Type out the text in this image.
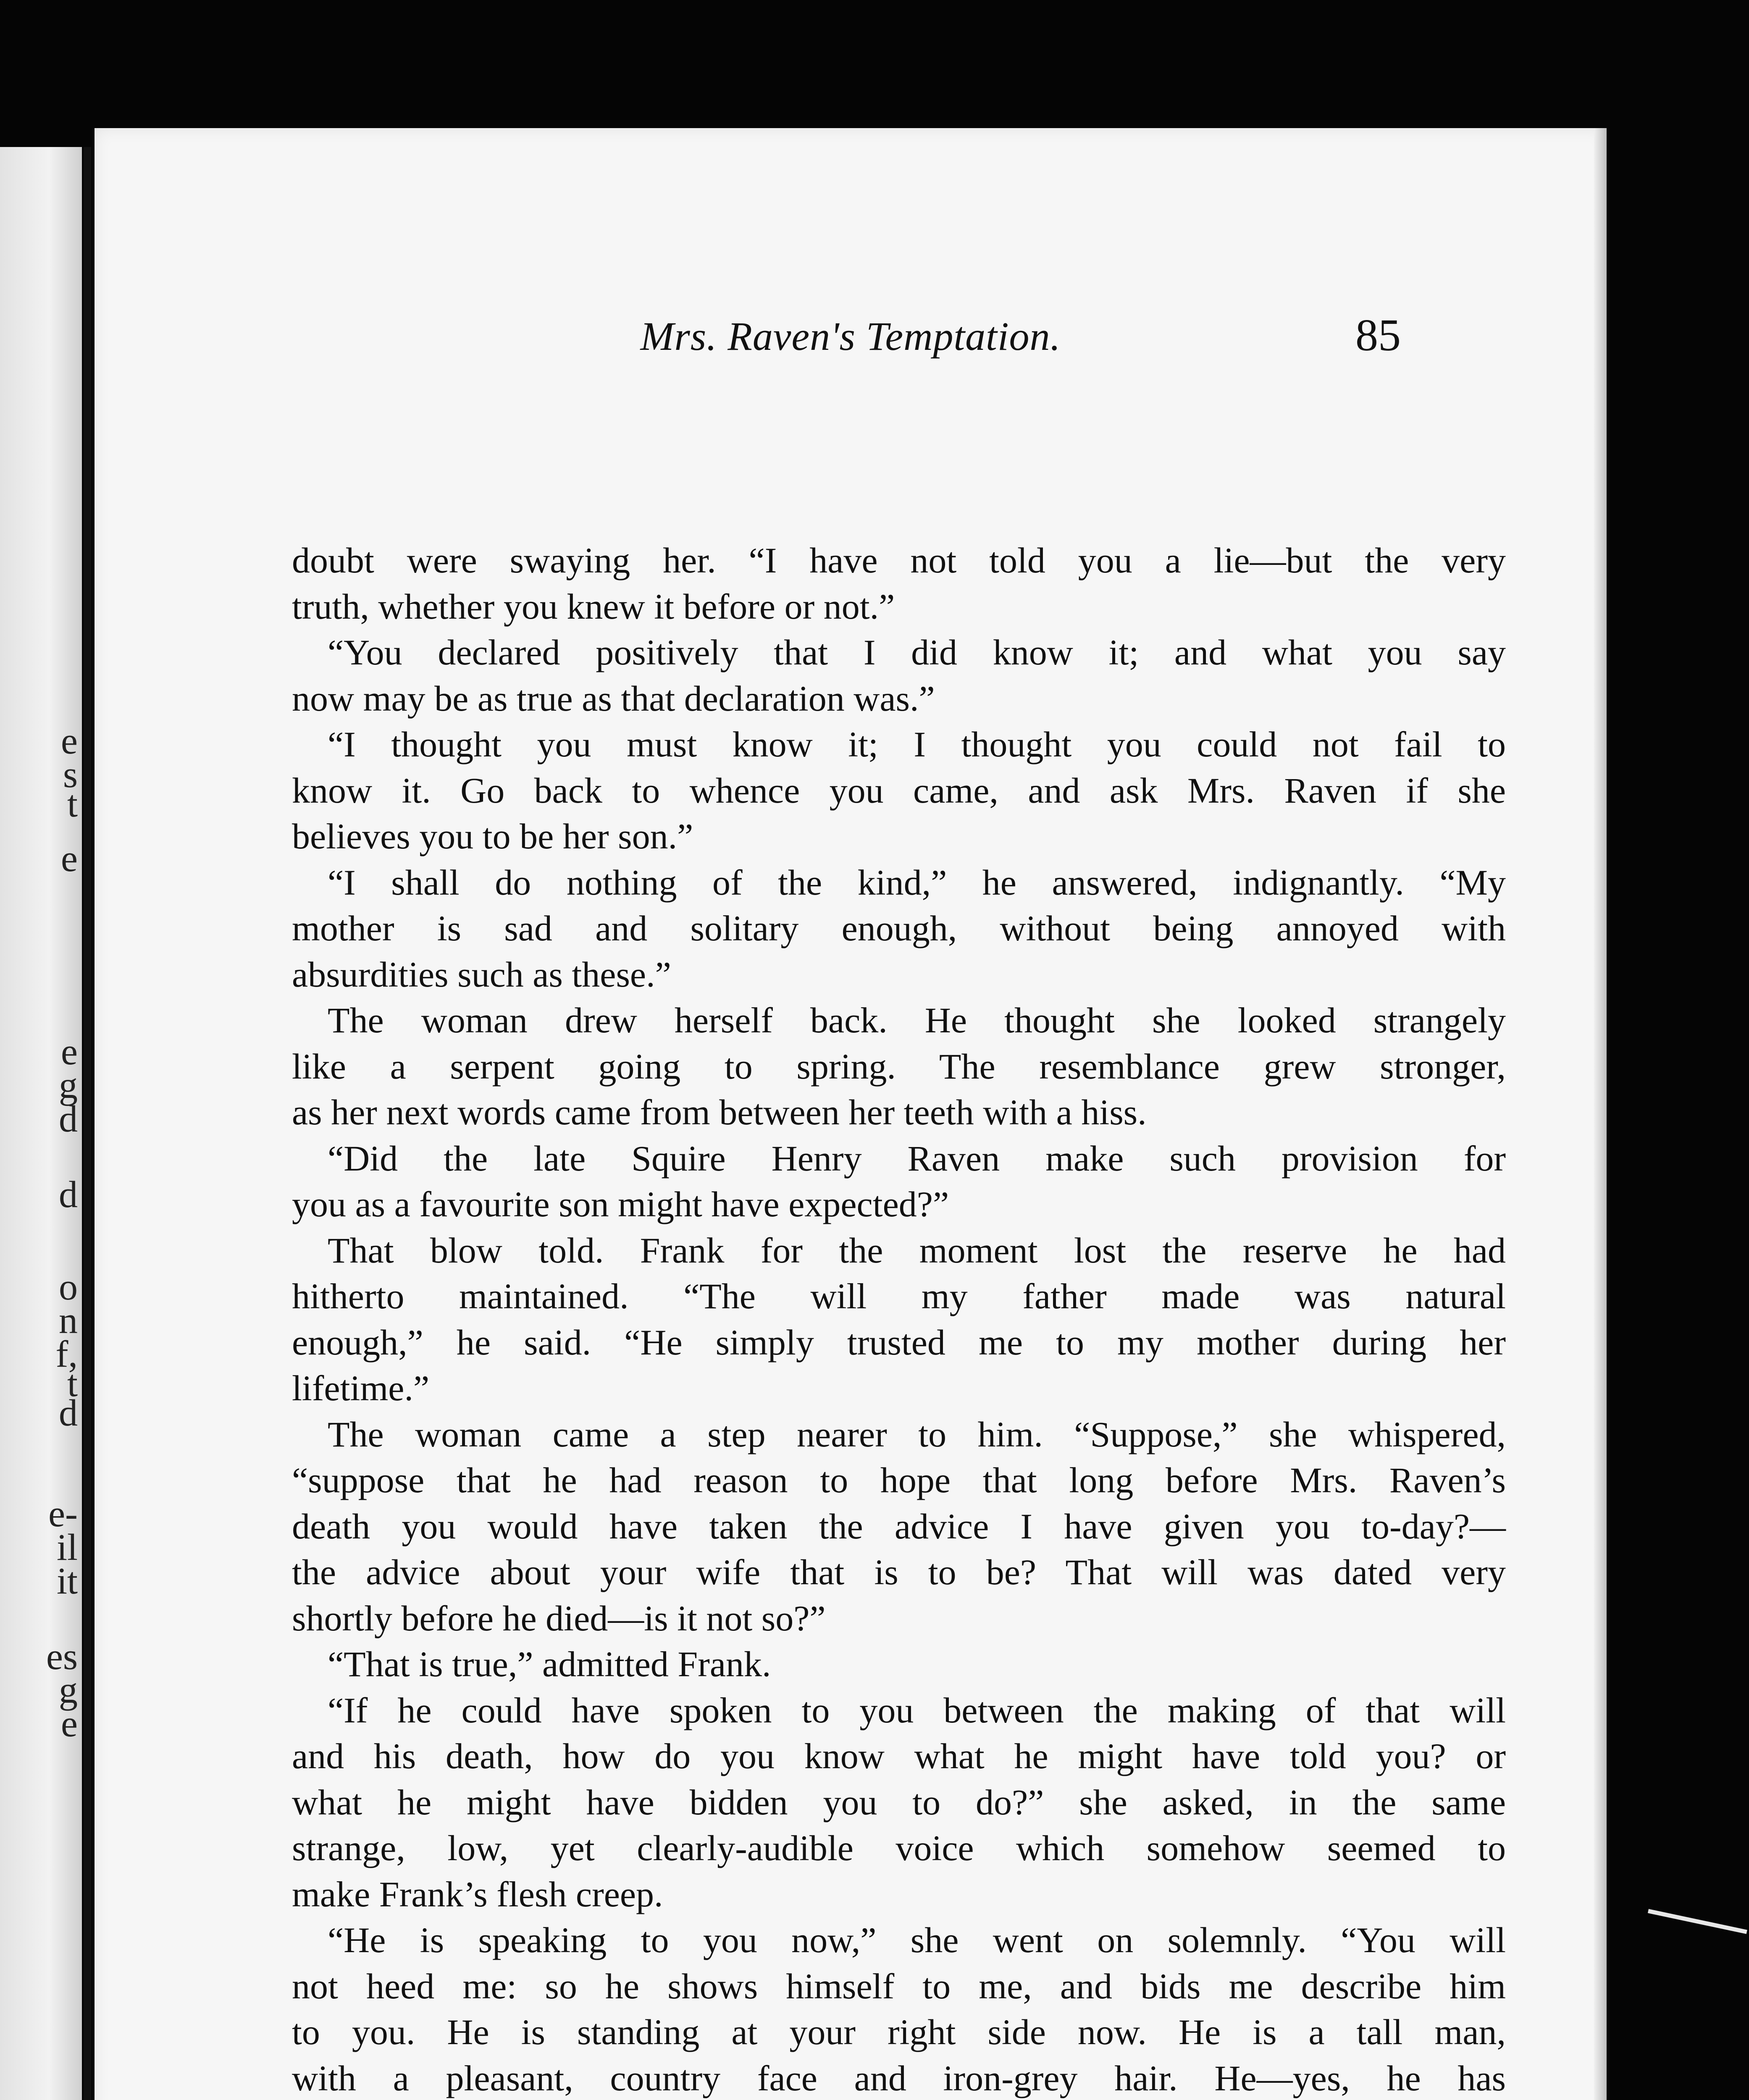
e
s
t
e
e
g
d
d
o
n
f,
t
d
e-
il
it
es
g
e
Mrs. Raven's Temptation.	85
doubt were swaying her. “I have not told you a lie—but the very
truth, whether you knew it before or not.”
“You declared positively that I did know it; and what you say
now may be as true as that declaration was.”
“I thought you must know it; I thought you could not fail to
know it. Go back to whence you came, and ask Mrs. Raven if she
believes you to be her son.”
“I shall do nothing of the kind,” he answered, indignantly. “My
mother is sad and solitary enough, without being annoyed with
absurdities such as these.”
The woman drew herself back. He thought she looked strangely
like a serpent going to spring. The resemblance grew stronger,
as her next words came from between her teeth with a hiss.
“Did the late Squire Henry Raven make such provision for
you as a favourite son might have expected?”
That blow told. Frank for the moment lost the reserve he had
hitherto maintained. “The will my father made was natural
enough,” he said. “He simply trusted me to my mother during her
lifetime.”
The woman came a step nearer to him. “Suppose,” she whispered,
“suppose that he had reason to hope that long before Mrs. Raven’s
death you would have taken the advice I have given you to-day?—
the advice about your wife that is to be? That will was dated very
shortly before he died—is it not so?”
“That is true,” admitted Frank.
“If he could have spoken to you between the making of that will
and his death, how do you know what he might have told you? or
what he might have bidden you to do?” she asked, in the same
strange, low, yet clearly-audible voice which somehow seemed to
make Frank’s flesh creep.
“He is speaking to you now,” she went on solemnly. “You will
not heed me: so he shows himself to me, and bids me describe him
to you. He is standing at your right side now. He is a tall man,
with a pleasant, country face and iron-grey hair. He—yes, he has
